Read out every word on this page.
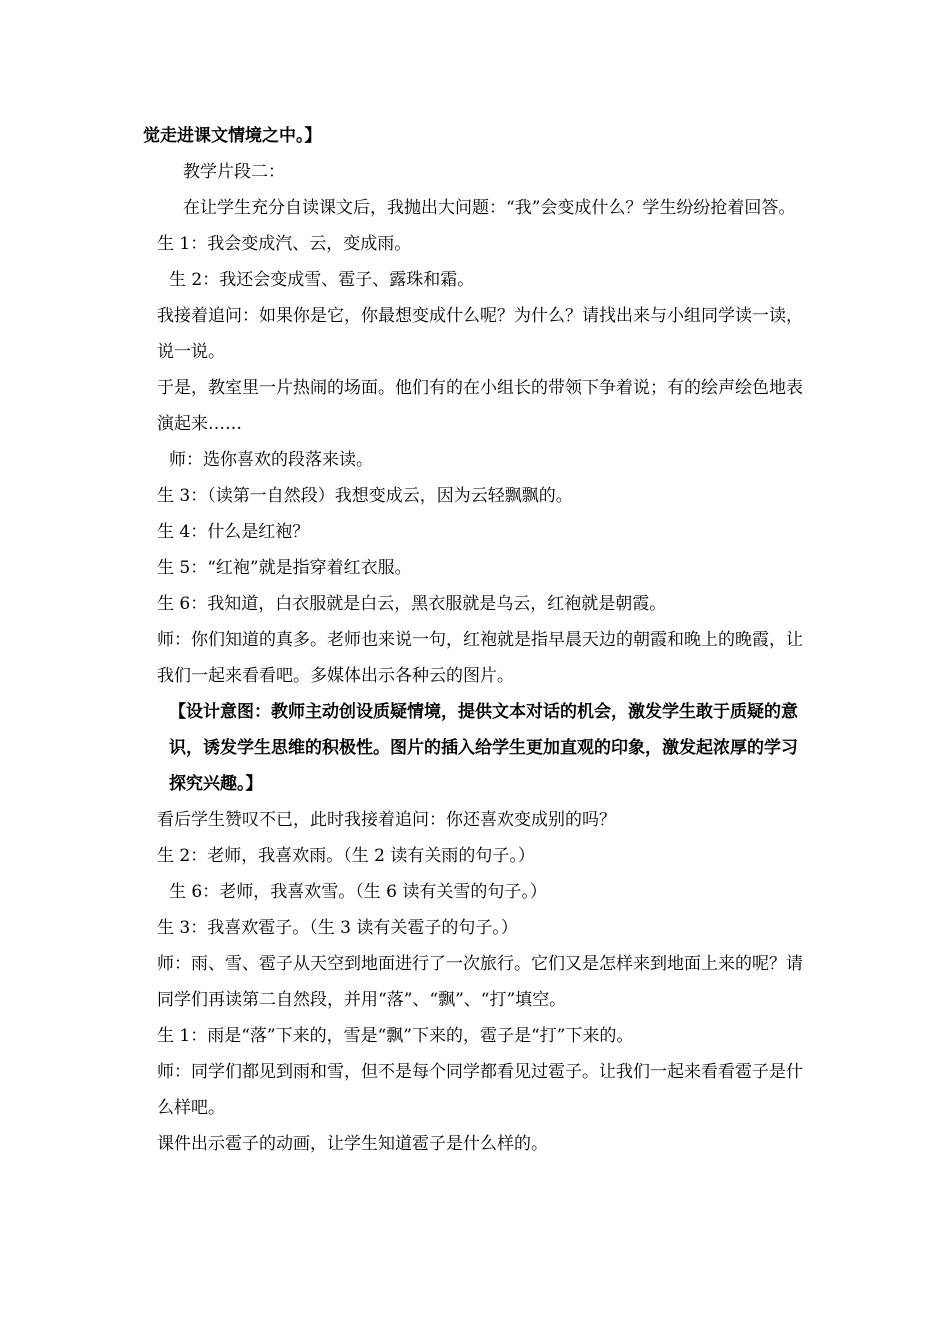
觉走进课文情境之中。】

教学片段二：

在让学生充分自读课文后，我抛出大问题：“我”会变成什么？学生纷纷抢着回答。

生 1：我会变成汽、云，变成雨。

生 2：我还会变成雪、雹子、露珠和霜。

我接着追问：如果你是它，你最想变成什么呢？为什么？请找出来与小组同学读一读，说一说。

于是，教室里一片热闹的场面。他们有的在小组长的带领下争着说；有的绘声绘色地表演起来……

师：选你喜欢的段落来读。

生 3：（读第一自然段）我想变成云，因为云轻飘飘的。

生 4：什么是红袍？

生 5：“红袍”就是指穿着红衣服。

生 6：我知道，白衣服就是白云，黑衣服就是乌云，红袍就是朝霞。

师：你们知道的真多。老师也来说一句，红袍就是指早晨天边的朝霞和晚上的晚霞，让我们一起来看看吧。多媒体出示各种云的图片。

【设计意图：教师主动创设质疑情境，提供文本对话的机会，激发学生敢于质疑的意识，诱发学生思维的积极性。图片的插入给学生更加直观的印象，激发起浓厚的学习探究兴趣。】

看后学生赞叹不已，此时我接着追问：你还喜欢变成别的吗？

生 2：老师，我喜欢雨。（生 2 读有关雨的句子。）

生 6：老师，我喜欢雪。（生 6 读有关雪的句子。）

生 3：我喜欢雹子。（生 3 读有关雹子的句子。）

师：雨、雪、雹子从天空到地面进行了一次旅行。它们又是怎样来到地面上来的呢？请同学们再读第二自然段，并用“落”、“飘”、“打”填空。

生 1：雨是“落”下来的，雪是“飘”下来的，雹子是“打”下来的。

师：同学们都见到雨和雪，但不是每个同学都看见过雹子。让我们一起来看看雹子是什么样吧。

课件出示雹子的动画，让学生知道雹子是什么样的。
